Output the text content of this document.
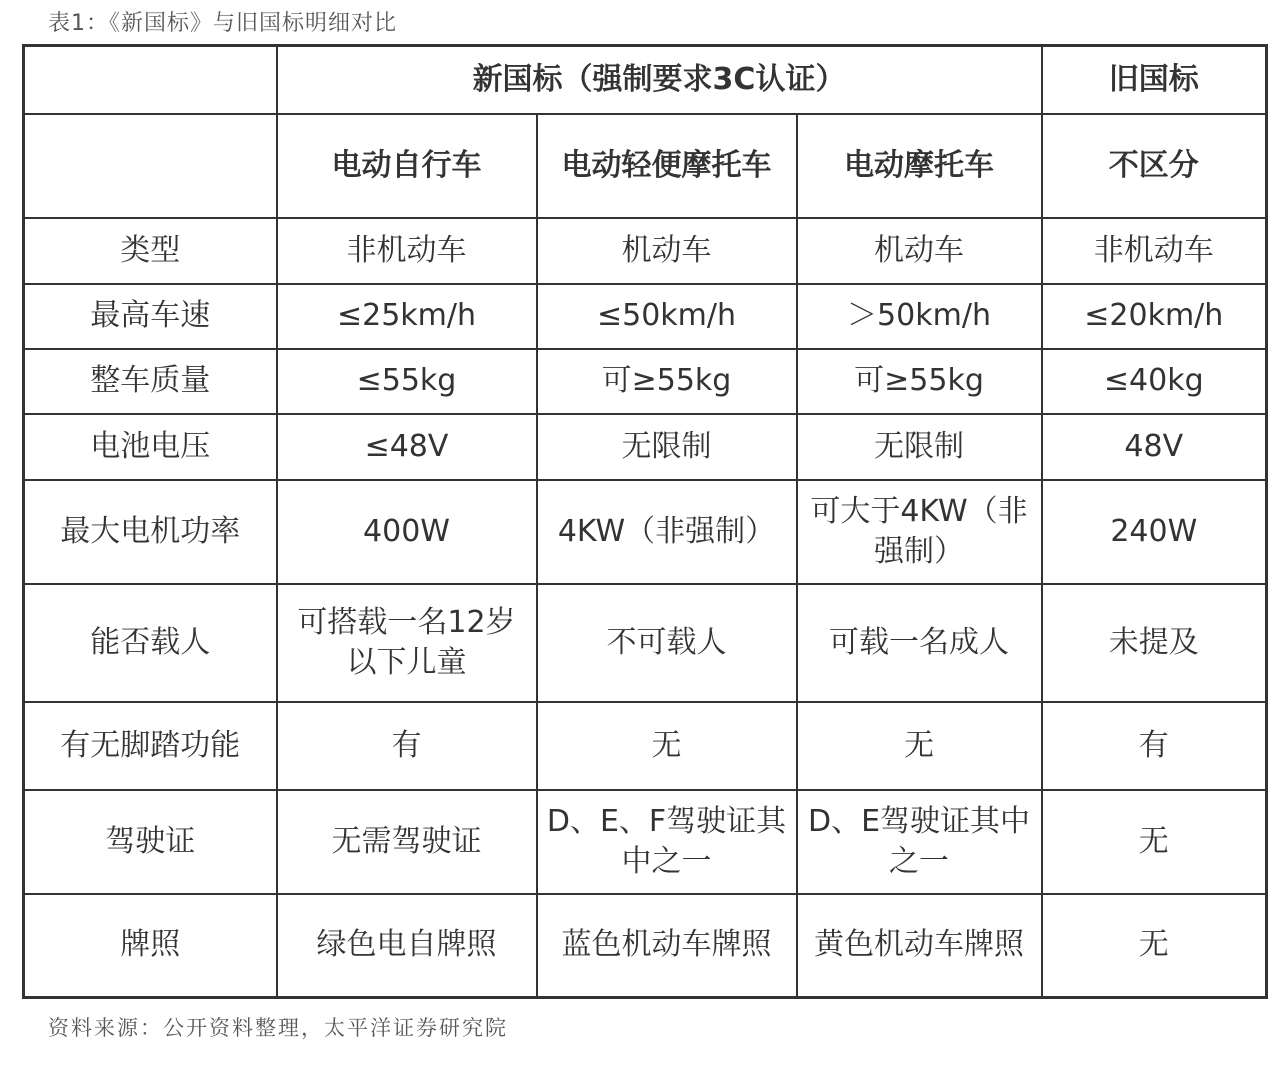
表1：《新国标》与旧国标明细对比
	新国标（强制要求3C认证）			旧国标
	电动自行车	电动轻便摩托车	电动摩托车	不区分
类型	非机动车	机动车	机动车	非机动车
最高车速	≤25km/h	≤50km/h	＞50km/h	≤20km/h
整车质量	≤55kg	可≥55kg	可≥55kg	≤40kg
电池电压	≤48V	无限制	无限制	48V
最大电机功率	400W	4KW（非强制）	可大于4KW（非强制）	240W
能否载人	可搭载一名12岁以下儿童	不可载人	可载一名成人	未提及
有无脚踏功能	有	无	无	有
驾驶证	无需驾驶证	D、E、F驾驶证其中之一	D、E驾驶证其中之一	无
牌照	绿色电自牌照	蓝色机动车牌照	黄色机动车牌照	无
资料来源：公开资料整理，太平洋证券研究院
